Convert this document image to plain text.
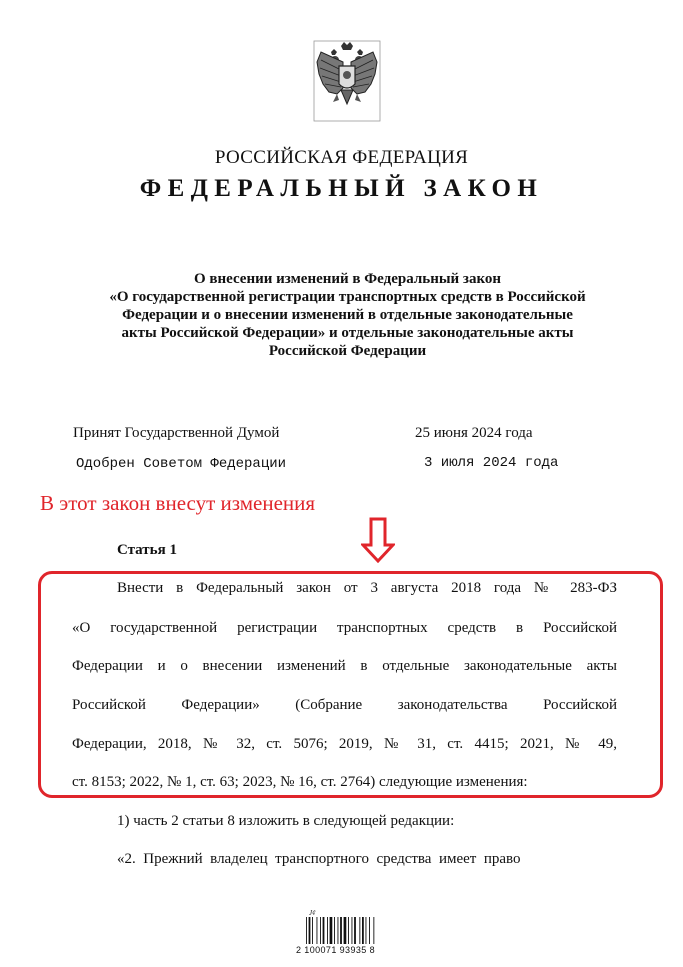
РОССИЙСКАЯ ФЕДЕРАЦИЯ
ФЕДЕРАЛЬНЫЙ ЗАКОН
О внесении изменений в Федеральный закон
«О государственной регистрации транспортных средств в Российской
Федерации и о внесении изменений в отдельные законодательные
акты Российской Федерации» и отдельные законодательные акты
Российской Федерации
Принят Государственной Думой	25 июня 2024 года
Одобрен Советом Федерации	3 июля 2024 года
В этот закон внесут изменения
Статья 1
Внести в Федеральный закон от 3 августа 2018 года № 283-ФЗ
«О государственной регистрации транспортных средств в Российской
Федерации и о внесении изменений в отдельные законодательные акты
Российской Федерации» (Собрание законодательства Российской
Федерации, 2018, № 32, ст. 5076; 2019, № 31, ст. 4415; 2021, № 49,
ст. 8153; 2022, № 1, ст. 63; 2023, № 16, ст. 2764) следующие изменения:
1) часть 2 статьи 8 изложить в следующей редакции:
«2.  Прежний  владелец  транспортного  средства  имеет  право
J¢
2 100071 93935 8
